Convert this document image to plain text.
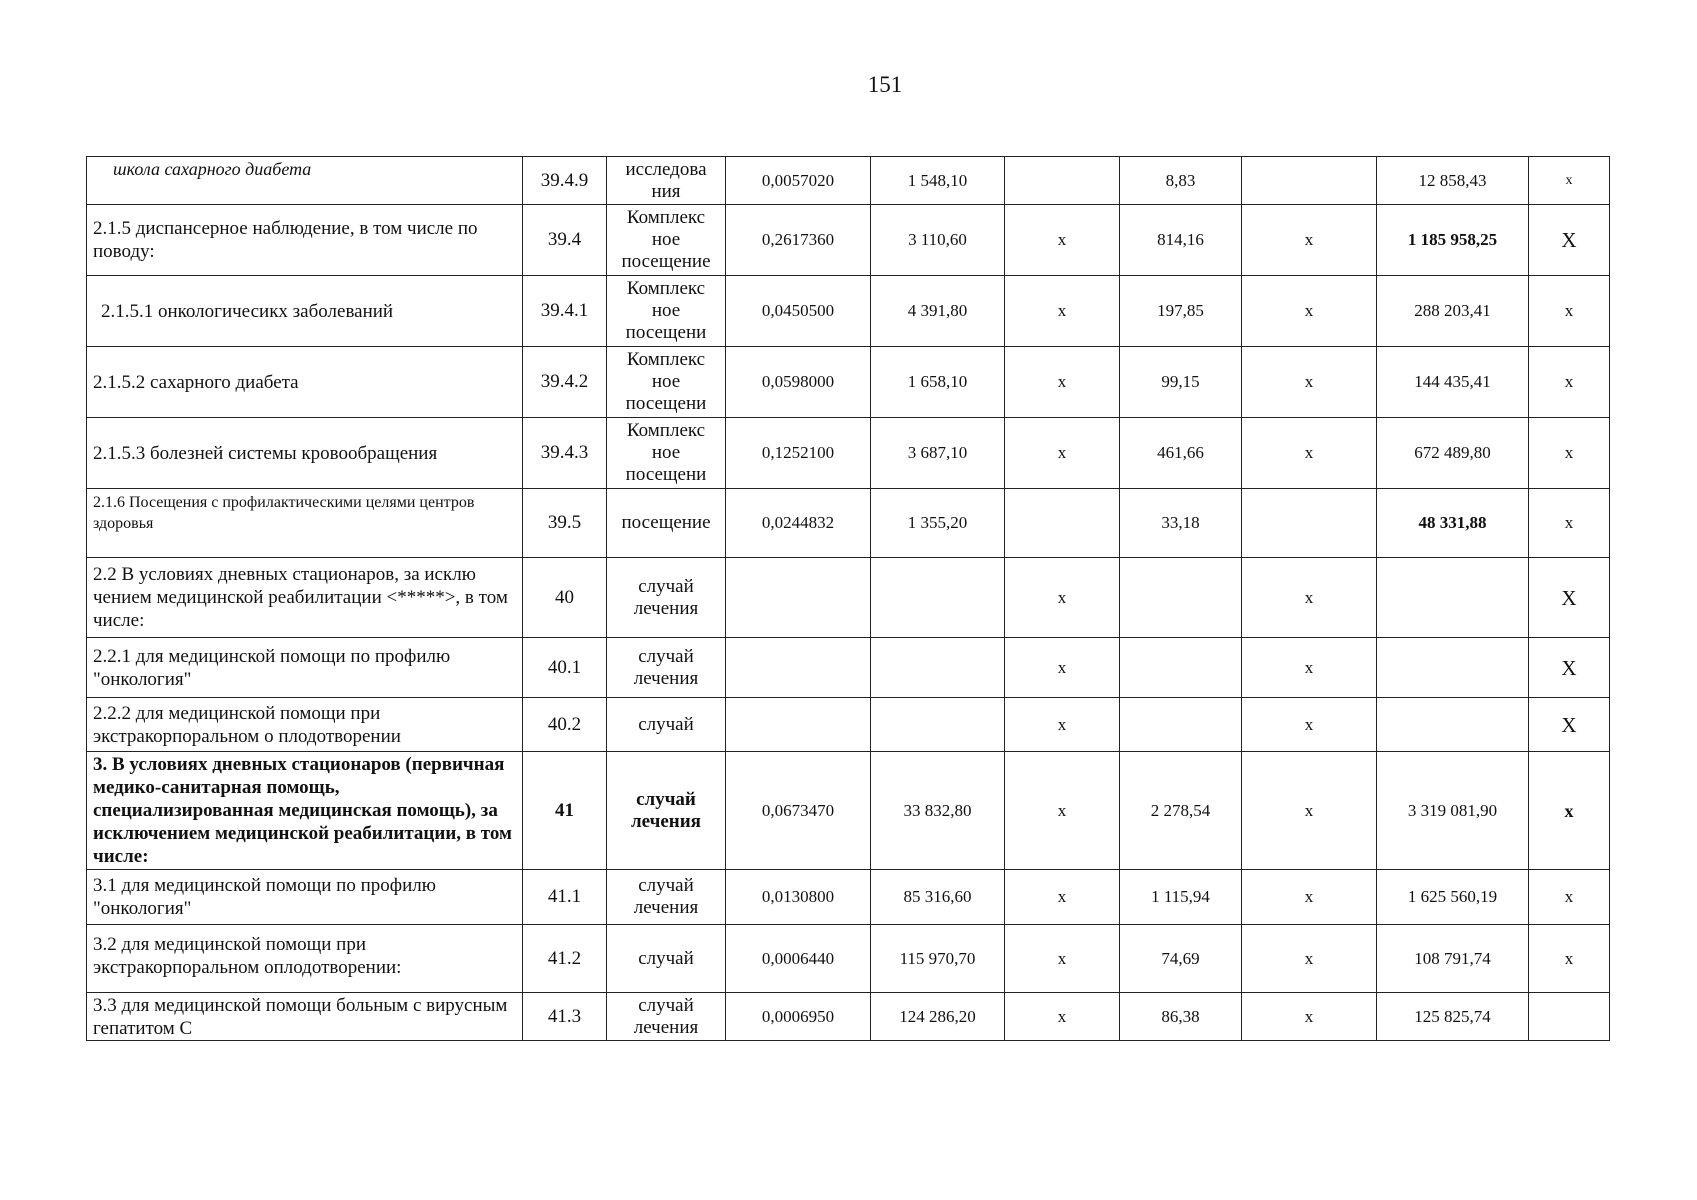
151
школа сахарного диабета	39.4.9	исследова ния	0,0057020	1 548,10		8,83		12 858,43	x
2.1.5 диспансерное наблюдение, в том числе по поводу:	39.4	Комплекс ное посещение	0,2617360	3 110,60	x	814,16	x	1 185 958,25	X
2.1.5.1 онкологичесикх заболеваний	39.4.1	Комплекс ное посещени	0,0450500	4 391,80	x	197,85	x	288 203,41	x
2.1.5.2 сахарного диабета	39.4.2	Комплекс ное посещени	0,0598000	1 658,10	x	99,15	x	144 435,41	x
2.1.5.3 болезней системы кровообращения	39.4.3	Комплекс ное посещени	0,1252100	3 687,10	x	461,66	x	672 489,80	x
2.1.6 Посещения с профилактическими целями центров здоровья	39.5	посещение	0,0244832	1 355,20		33,18		48 331,88	x
2.2 В условиях дневных стационаров, за исклю чением медицинской реабилитации <*****>, в том числе:	40	случай лечения			x		x		X
2.2.1 для медицинской помощи по профилю "онкология"	40.1	случай лечения			x		x		X
2.2.2 для медицинской помощи при экстракорпоральном о плодотворении	40.2	случай			x		x		X
3. В условиях дневных стационаров (первичная медико-санитарная помощь, специализированная медицинская помощь), за исключением медицинской реабилитации, в том числе:	41	случай лечения	0,0673470	33 832,80	x	2 278,54	x	3 319 081,90	x
3.1 для медицинской помощи по профилю "онкология"	41.1	случай лечения	0,0130800	85 316,60	x	1 115,94	x	1 625 560,19	x
3.2 для медицинской помощи при экстракорпоральном оплодотворении:	41.2	случай	0,0006440	115 970,70	x	74,69	x	108 791,74	x
3.3 для медицинской помощи больным с вирусным гепатитом С	41.3	случай лечения	0,0006950	124 286,20	x	86,38	x	125 825,74	
